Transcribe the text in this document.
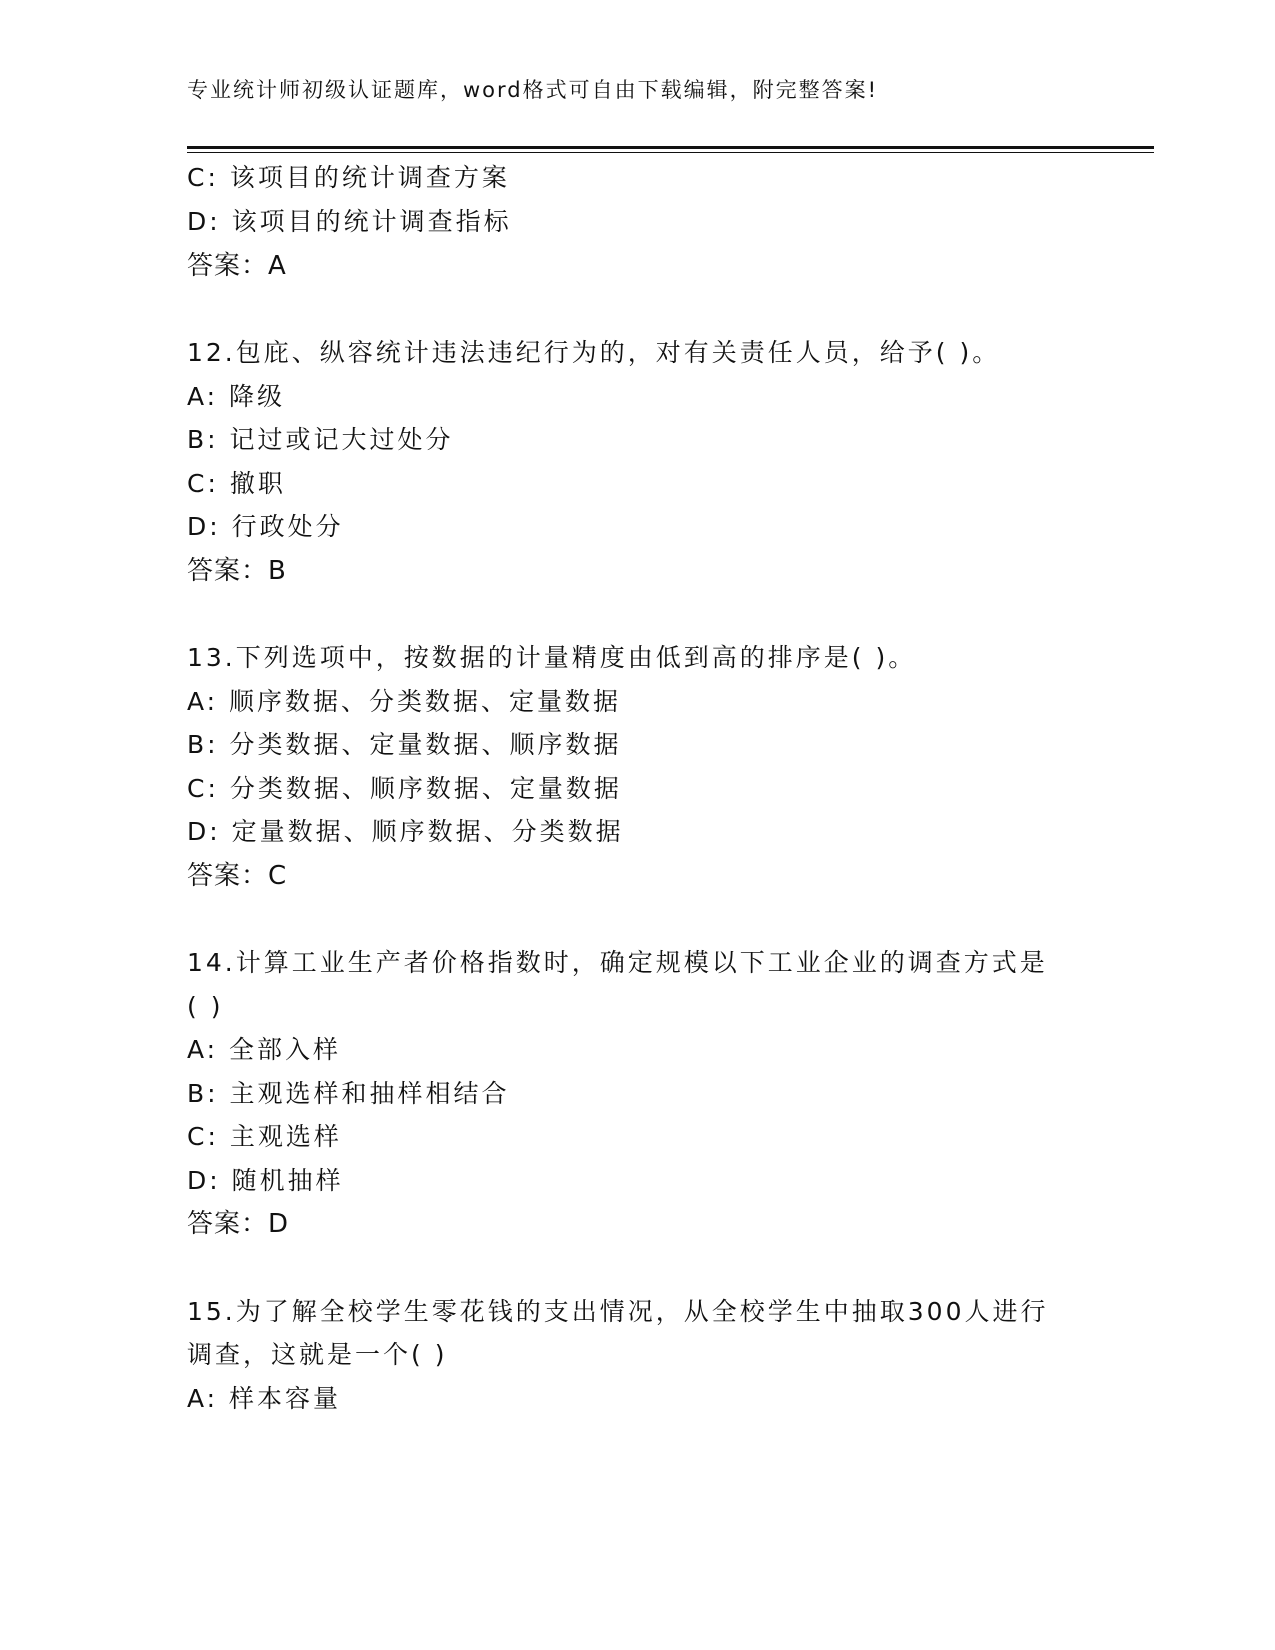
专业统计师初级认证题库，word格式可自由下载编辑，附完整答案!
C: 该项目的统计调查方案
D: 该项目的统计调查指标
答案：A
12.包庇、纵容统计违法违纪行为的，对有关责任人员，给予( )。
A: 降级
B: 记过或记大过处分
C: 撤职
D: 行政处分
答案：B
13.下列选项中，按数据的计量精度由低到高的排序是( )。
A: 顺序数据、分类数据、定量数据
B: 分类数据、定量数据、顺序数据
C: 分类数据、顺序数据、定量数据
D: 定量数据、顺序数据、分类数据
答案：C
14.计算工业生产者价格指数时，确定规模以下工业企业的调查方式是
( )
A: 全部入样
B: 主观选样和抽样相结合
C: 主观选样
D: 随机抽样
答案：D
15.为了解全校学生零花钱的支出情况，从全校学生中抽取300人进行
调查，这就是一个( )
A: 样本容量
